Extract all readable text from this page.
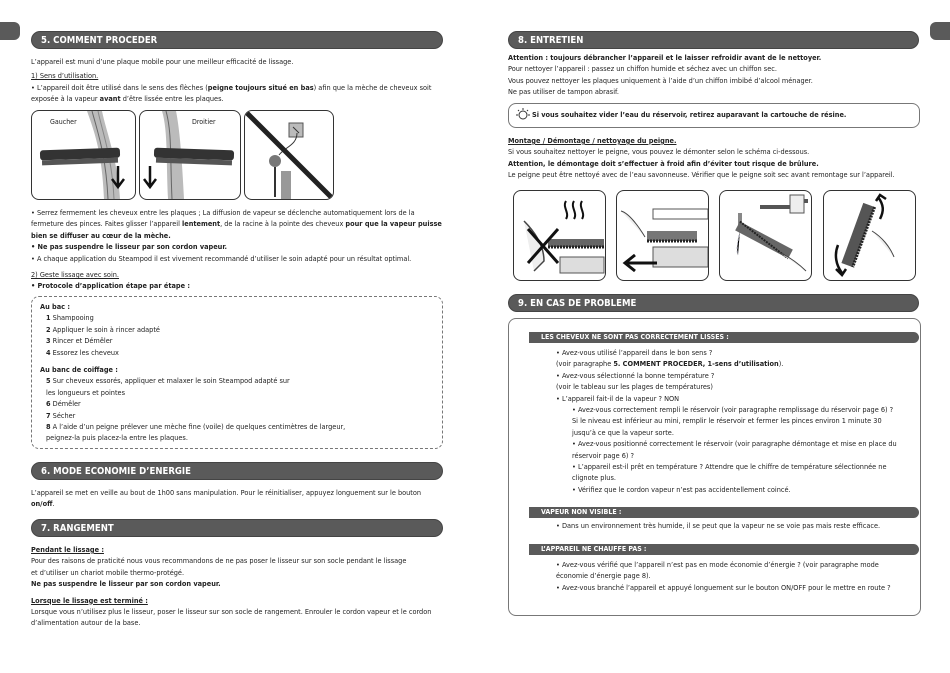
5. COMMENT PROCEDER

L’appareil est muni d’une plaque mobile pour une meilleur efficacité de lissage.

1) Sens d’utilisation.

• L’appareil doit être utilisé dans le sens des flèches (peigne toujours situé en bas) afin que la mèche de cheveux soit

exposée à la vapeur avant d’être lissée entre les plaques.

Gaucher	Droitier

• Serrez fermement les cheveux entre les plaques ; La diffusion de vapeur se déclenche automatiquement lors de la

fermeture des pinces. Faites glisser l’appareil lentement, de la racine à la pointe des cheveux pour que la vapeur puisse

bien se diffuser au cœur de la mèche.

• Ne pas suspendre le lisseur par son cordon vapeur.

• A chaque application du Steampod il est vivement recommandé d’utiliser le soin adapté pour un résultat optimal.

2) Geste lissage avec soin.

• Protocole d’application étape par étape :

Au bac :

1 Shampooing

2 Appliquer le soin à rincer adapté

3 Rincer et Démêler

4 Essorez les cheveux

Au banc de coiffage :

5 Sur cheveux essorés, appliquer et malaxer le soin Steampod adapté sur

les longueurs et pointes

6 Démêler

7 Sécher

8 A l’aide d’un peigne prélever une mèche fine (voile) de quelques centimètres de largeur,

peignez-la puis placez-la entre les plaques.

6. MODE ECONOMIE D’ENERGIE

L’appareil se met en veille au bout de 1h00 sans manipulation. Pour le réinitialiser, appuyez longuement sur le bouton

on/off.

7. RANGEMENT

Pendant le lissage :

Pour des raisons de praticité nous vous recommandons de ne pas poser le lisseur sur son socle pendant le lissage

et d’utiliser un chariot mobile thermo-protégé.

Ne pas suspendre le lisseur par son cordon vapeur.

Lorsque le lissage est terminé :

Lorsque vous n’utilisez plus le lisseur, poser le lisseur sur son socle de rangement. Enrouler le cordon vapeur et le cordon

d’alimentation autour de la base.

8. ENTRETIEN

Attention : toujours débrancher l’appareil et le laisser refroidir avant de le nettoyer.

Pour nettoyer l’appareil : passez un chiffon humide et séchez avec un chiffon sec.

Vous pouvez nettoyer les plaques uniquement à l’aide d’un chiffon imbibé d’alcool ménager.

Ne pas utiliser de tampon abrasif.

Si vous souhaitez vider l’eau du réservoir, retirez auparavant la cartouche de résine.

Montage / Démontage / nettoyage du peigne.

Si vous souhaitez nettoyer le peigne, vous pouvez le démonter selon le schéma ci-dessous.

Attention, le démontage doit s’effectuer à froid afin d’éviter tout risque de brûlure.

Le peigne peut être nettoyé avec de l’eau savonneuse. Vérifier que le peigne soit sec avant remontage sur l’appareil.

9. EN CAS DE PROBLEME
LES CHEVEUX NE SONT PAS CORRECTEMENT LISSES :

• Avez-vous utilisé l’appareil dans le bon sens ?

(voir paragraphe 5. COMMENT PROCEDER, 1-sens d’utilisation).

• Avez-vous sélectionné la bonne température ?

(voir le tableau sur les plages de températures)

• L’appareil fait-il de la vapeur ? NON

• Avez-vous correctement rempli le réservoir (voir paragraphe remplissage du réservoir page 6) ?

Si le niveau est inférieur au mini, remplir le réservoir et fermer les pinces environ 1 minute 30

jusqu’à ce que la vapeur sorte.

• Avez-vous positionné correctement le réservoir (voir paragraphe démontage et mise en place du

réservoir page 6) ?

• L’appareil est-il prêt en température ? Attendre que le chiffre de température sélectionnée ne

clignote plus.

• Vérifiez que le cordon vapeur n’est pas accidentellement coincé.

VAPEUR NON VISIBLE :
• Dans un environnement très humide, il se peut que la vapeur ne se voie pas mais reste efficace.
L’APPAREIL NE CHAUFFE PAS :

• Avez-vous vérifié que l’appareil n’est pas en mode économie d’énergie ? (voir paragraphe mode

économie d’énergie page 8).

• Avez-vous branché l’appareil et appuyé longuement sur le bouton ON/OFF pour le mettre en route ?
